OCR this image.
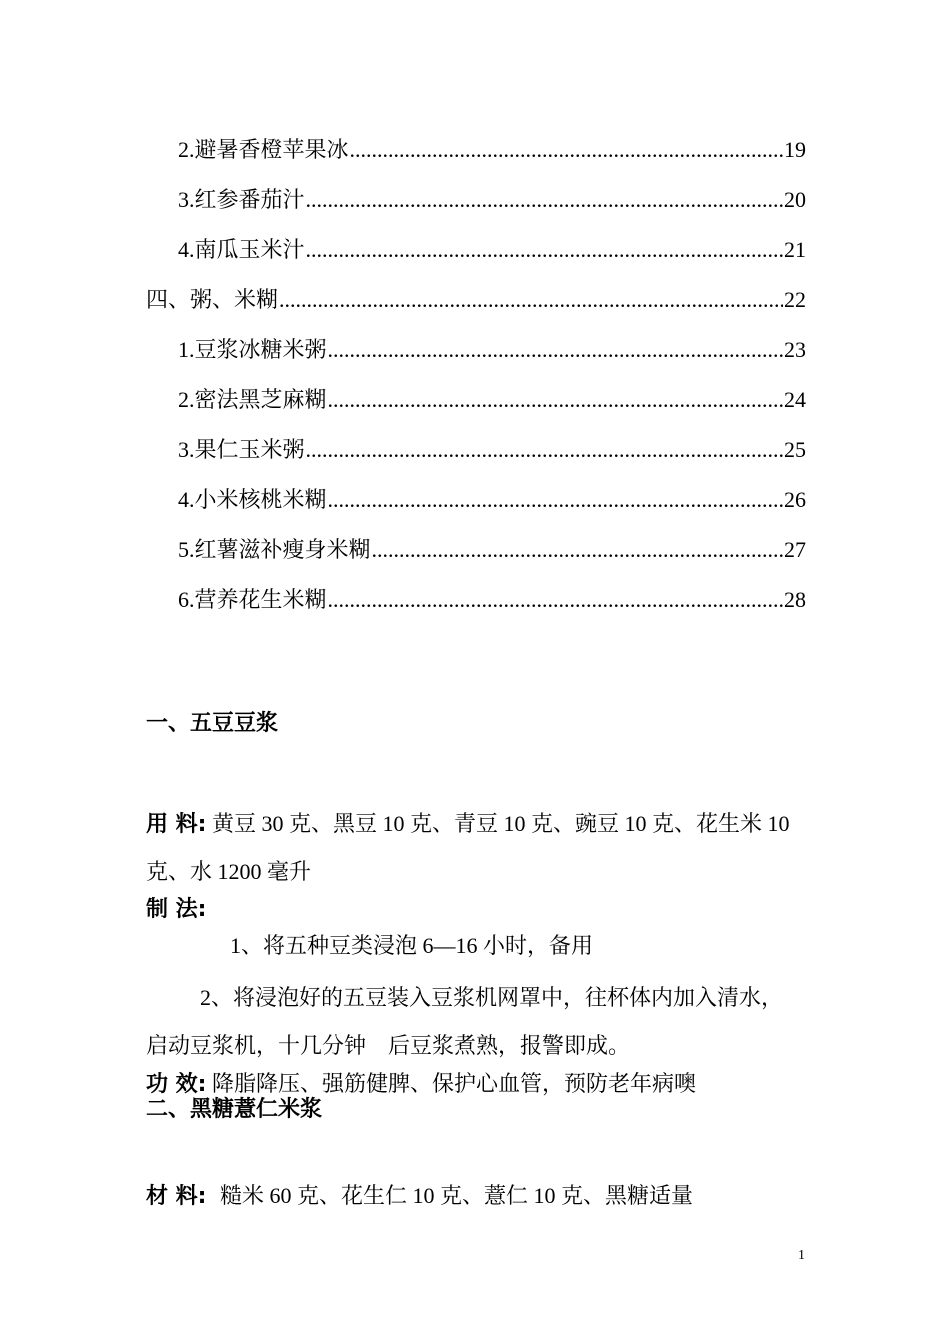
2.避暑香橙苹果冰 .....	19
3.红参番茄汁 .....	20
4.南瓜玉米汁 .....	21
四、粥、米糊 .....	22
1.豆浆冰糖米粥 .....	23
2.密法黑芝麻糊 .....	24
3.果仁玉米粥 .....	25
4.小米核桃米糊 .....	26
5.红薯滋补瘦身米糊 .....	27
6.营养花生米糊 .....	28
一、五豆豆浆
用 料: 黄豆 30 克、黑豆 10 克、青豆 10 克、豌豆 10 克、花生米 10
克、水 1200 毫升
制 法:
1、将五种豆类浸泡 6—16 小时，备用
2、将浸泡好的五豆装入豆浆机网罩中，往杯体内加入清水，
启动豆浆机，十几分钟　后豆浆煮熟，报警即成。
功 效: 降脂降压、强筋健脾、保护心血管，预防老年病噢
二、黑糖薏仁米浆
材 料: 糙米 60 克、花生仁 10 克、薏仁 10 克、黑糖适量
1
